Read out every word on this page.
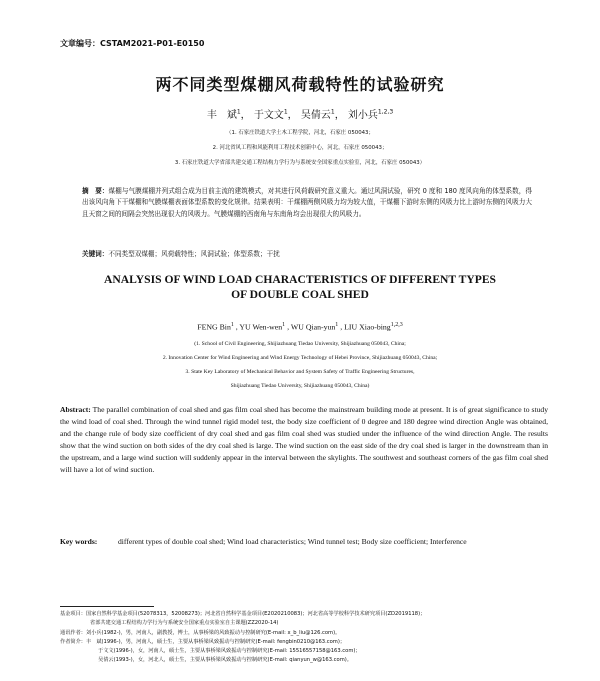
文章编号：CSTAM2021-P01-E0150
两不同类型煤棚风荷载特性的试验研究
丰　斌$^1$， 于文文$^1$， 吴倩云$^1$， 刘小兵$^{1,2,3}$
（1. 石家庄铁道大学土木工程学院，河北，石家庄 050043；
2. 河北省风工程和风能利用工程技术创新中心，河北，石家庄 050043；
3. 石家庄铁道大学省部共建交通工程结构力学行为与系统安全国家重点实验室，河北，石家庄 050043）
摘　要：煤棚与气膜煤棚并列式组合成为目前主流的建筑模式，对其进行风荷载研究意义重大。通过风洞试验，研究 0 度和 180 度风向角的体型系数，得出该风向角下干煤棚和气膜煤棚表面体型系数的变化规律。结果表明：干煤棚两侧风吸力均为较大值，干煤棚下游时东侧的风吸力比上游时东侧的风吸力大且天窗之间的间隔会突然出现很大的风吸力。气膜煤棚的西南角与东南角均会出现很大的风吸力。
关键词：不同类型双煤棚；风荷载特性；风洞试验；体型系数；干扰
ANALYSIS OF WIND LOAD CHARACTERISTICS OF DIFFERENT TYPES
OF DOUBLE COAL SHED
FENG Bin$^1$ , YU Wen-wen$^1$ , WU Qian-yun$^1$ , LIU Xiao-bing$^{1,2,3}$
(1. School of Civil Engineering, Shijiazhuang Tiedao University, Shijiazhuang 050043, China;
2. Innovation Center for Wind Engineering and Wind Energy Technology of Hebei Province, Shijiazhuang 050043, China;
3. State Key Laboratory of Mechanical Behavior and System Safety of Traffic Engineering Structures,
Shijiazhuang Tiedao University, Shijiazhuang 050043, China)
Abstract: The parallel combination of coal shed and gas film coal shed has become the mainstream building mode at present. It is of great significance to study the wind load of coal shed. Through the wind tunnel rigid model test, the body size coefficient of 0 degree and 180 degree wind direction Angle was obtained, and the change rule of body size coefficient of dry coal shed and gas film coal shed was studied under the influence of the wind direction Angle. The results show that the wind suction on both sides of the dry coal shed is large. The wind suction on the east side of the dry coal shed is larger in the downstream than in the upstream, and a large wind suction will suddenly appear in the interval between the skylights. The southwest and southeast corners of the gas film coal shed will have a lot of wind suction.
Key words:	different types of double coal shed; Wind load characteristics; Wind tunnel test; Body size coefficient; Interference
基金项目：国家自然科学基金项目(52078313，52008273)；河北省自然科学基金项目(E2020210083)；河北省高等学校科学技术研究项目(ZD2019118)；
省部共建交通工程结构力学行为与系统安全国家重点实验室自主课题(ZZ2020-14)
通讯作者：刘小兵(1982-)，男，河南人，副教授，博士，从事桥梁的风致振动与控制研究(E-mail: x_b_liu@126.com)。
作者简介：丰　斌(1996-)，男，河南人，硕士生，主要从事桥梁风致振动与控制研究(E-mail: fengbin0210@163.com)；
于文文(1996-)，女，河南人，硕士生，主要从事桥梁风致振动与控制研究(E-mail: 15516557158@163.com)；
吴倩云(1993-)，女，河北人，硕士生，主要从事桥梁风致振动与控制研究(E-mail: qianyun_w@163.com)。
